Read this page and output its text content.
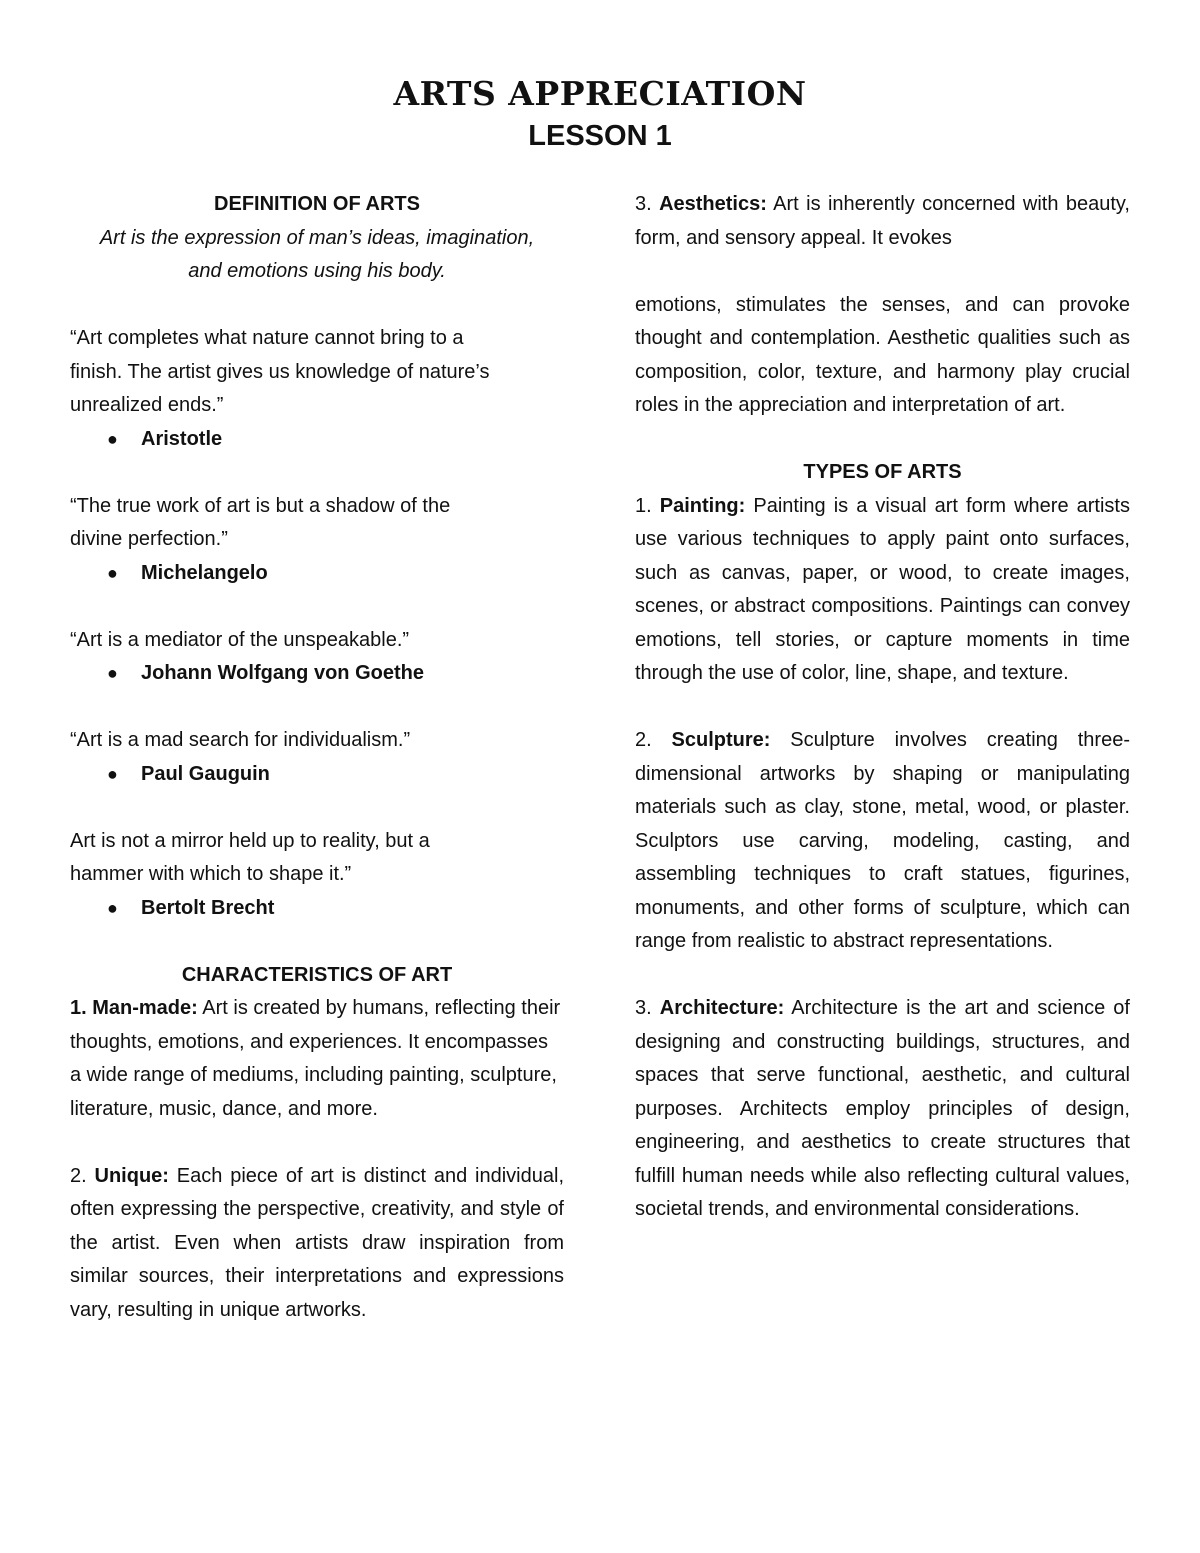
ARTS APPRECIATION
LESSON 1

DEFINITION OF ARTS

Art is the expression of man’s ideas, imagination,

and emotions using his body.

“Art completes what nature cannot bring to a

finish. The artist gives us knowledge of nature’s

unrealized ends.”

● Aristotle

“The true work of art is but a shadow of the

divine perfection.”

● Michelangelo

“Art is a mediator of the unspeakable.”

● Johann Wolfgang von Goethe

“Art is a mad search for individualism.”

● Paul Gauguin

Art is not a mirror held up to reality, but a

hammer with which to shape it.”

● Bertolt Brecht

CHARACTERISTICS OF ART

1. Man-made: Art is created by humans, reflecting their thoughts, emotions, and experiences. It encompasses a wide range of mediums, including painting, sculpture, literature, music, dance, and more.

2. Unique: Each piece of art is distinct and individual, often expressing the perspective, creativity, and style of the artist. Even when artists draw inspiration from similar sources, their interpretations and expressions vary, resulting in unique artworks.

3. Aesthetics: Art is inherently concerned with beauty, form, and sensory appeal. It evokes

emotions, stimulates the senses, and can provoke thought and contemplation. Aesthetic qualities such as composition, color, texture, and harmony play crucial roles in the appreciation and interpretation of art.

TYPES OF ARTS

1. Painting: Painting is a visual art form where artists use various techniques to apply paint onto surfaces, such as canvas, paper, or wood, to create images, scenes, or abstract compositions. Paintings can convey emotions, tell stories, or capture moments in time through the use of color, line, shape, and texture.

2. Sculpture: Sculpture involves creating three-dimensional artworks by shaping or manipulating materials such as clay, stone, metal, wood, or plaster. Sculptors use carving, modeling, casting, and assembling techniques to craft statues, figurines, monuments, and other forms of sculpture, which can range from realistic to abstract representations.

3. Architecture: Architecture is the art and science of designing and constructing buildings, structures, and spaces that serve functional, aesthetic, and cultural purposes. Architects employ principles of design, engineering, and aesthetics to create structures that fulfill human needs while also reflecting cultural values, societal trends, and environmental considerations.
